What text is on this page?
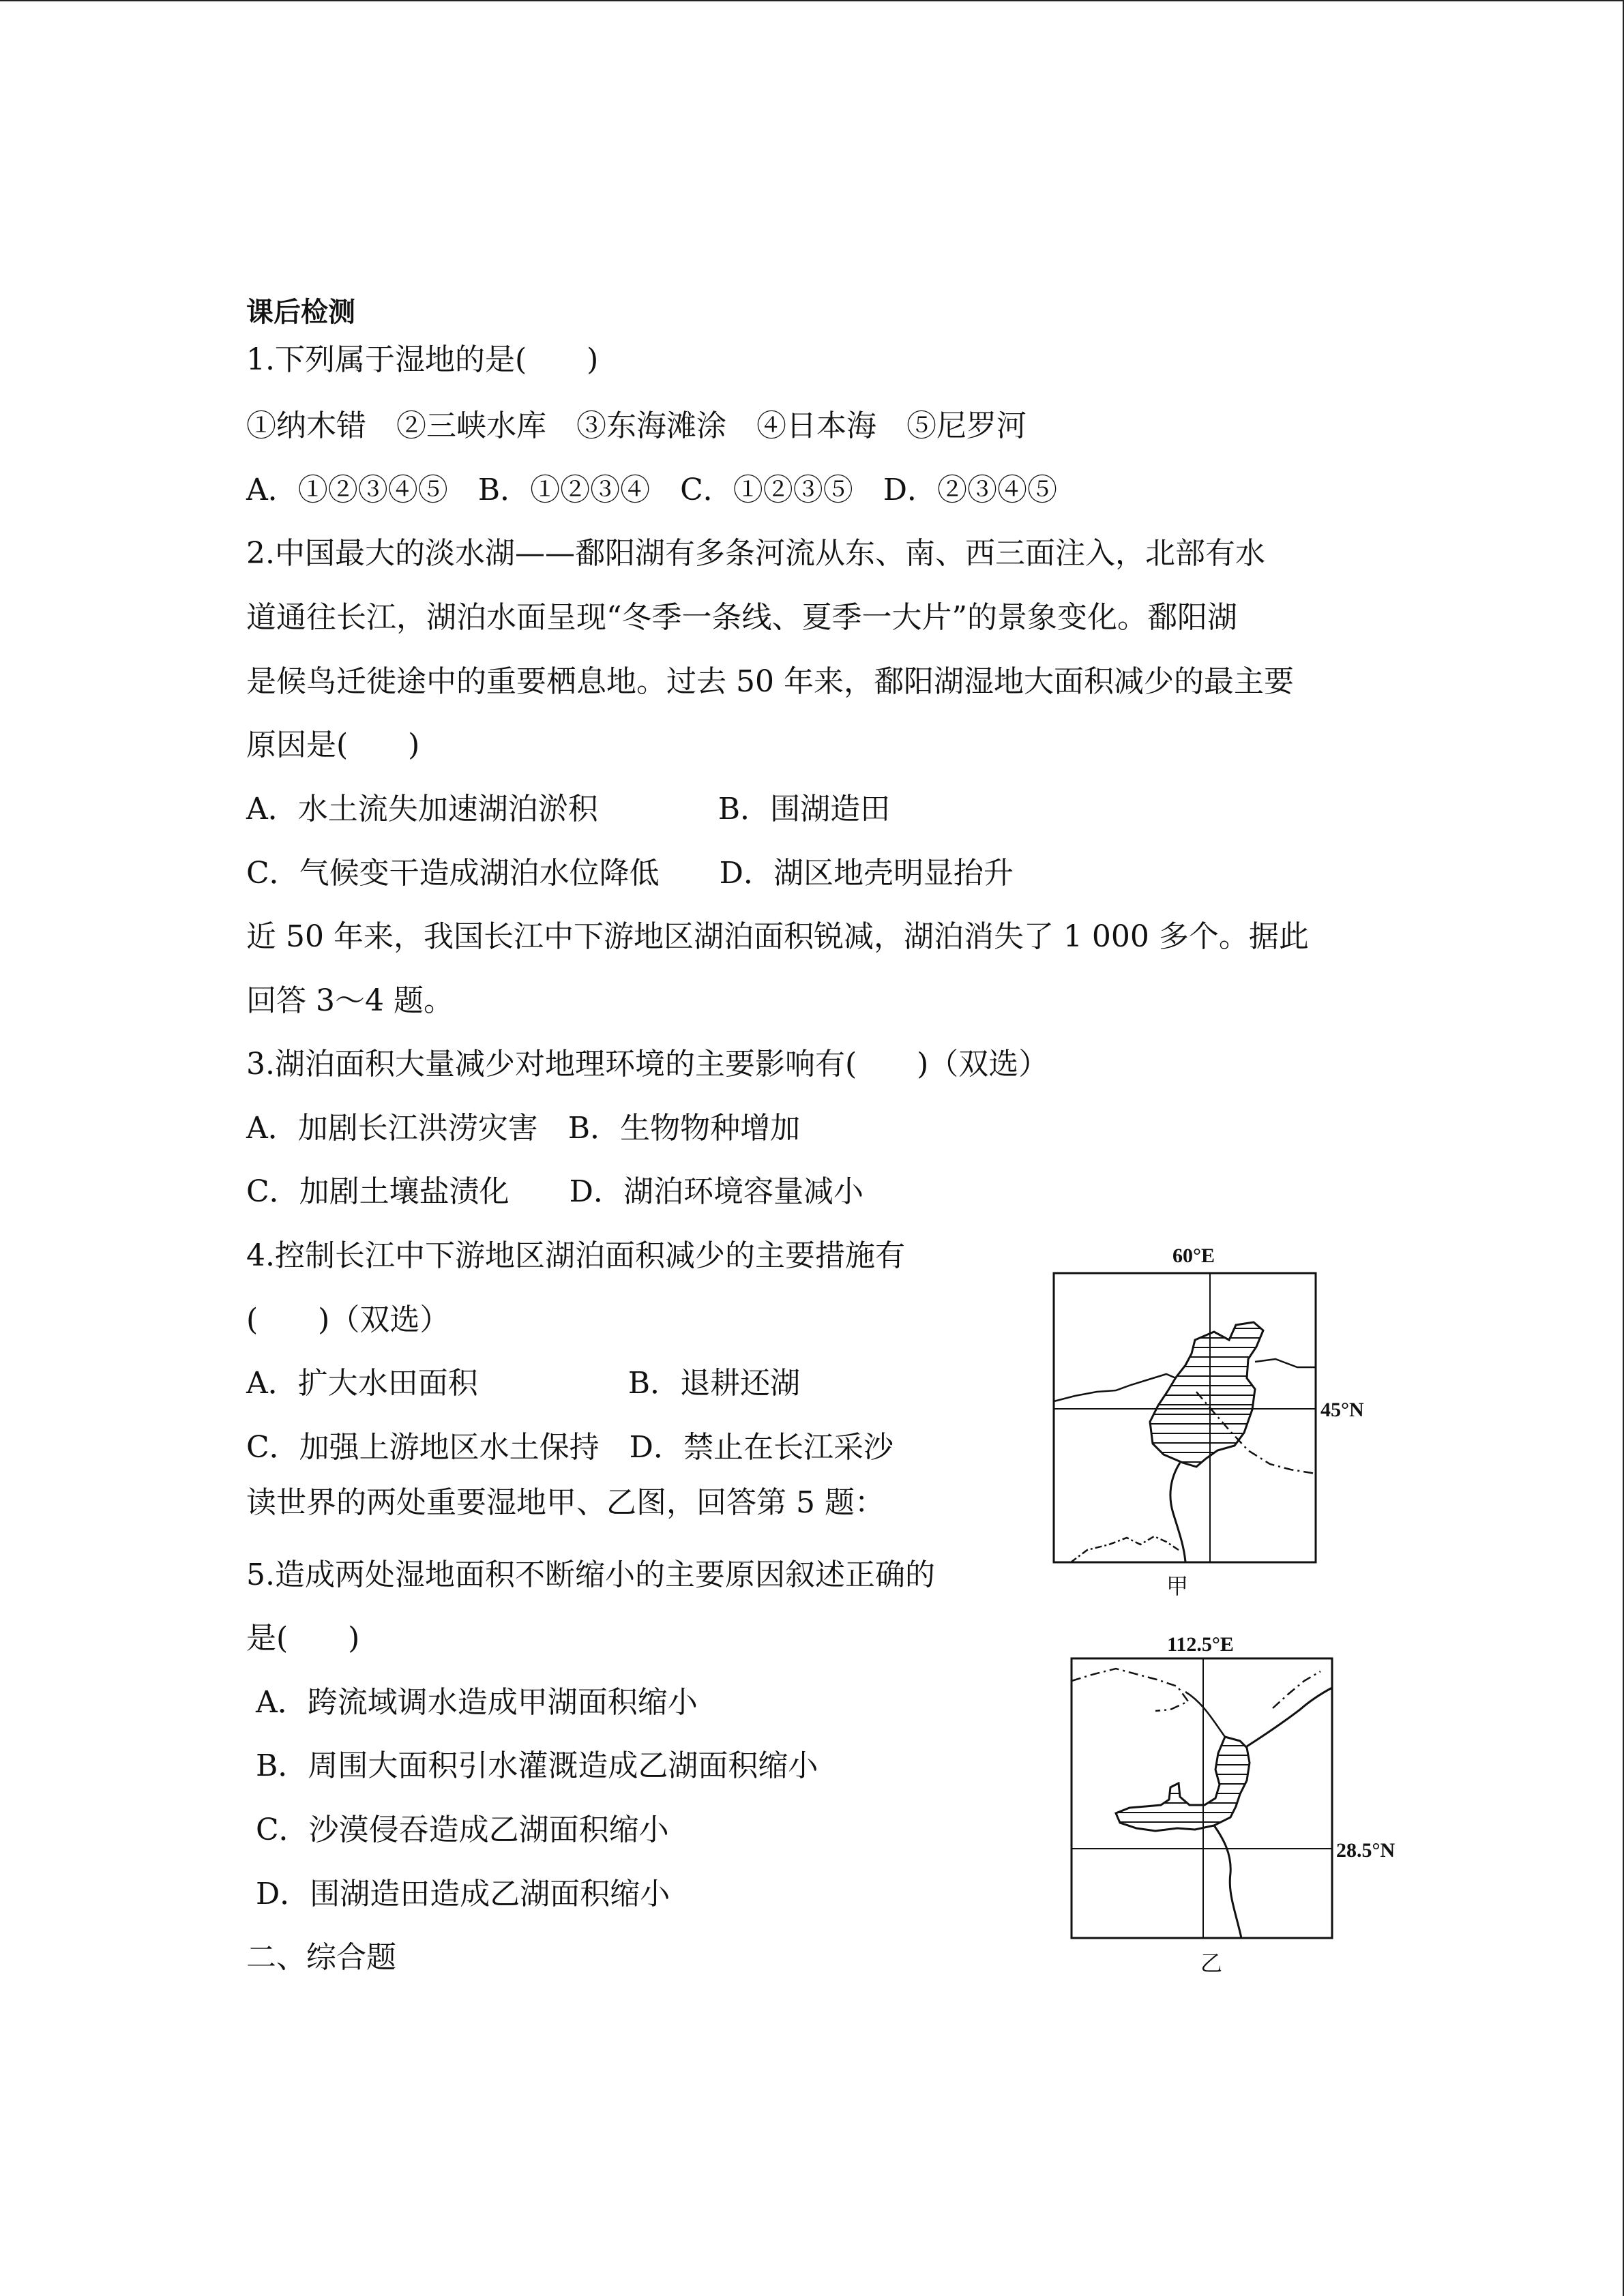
课后检测
1.下列属于湿地的是(　　)
①纳木错　②三峡水库　③东海滩涂　④日本海　⑤尼罗河
A．①②③④⑤　B．①②③④　C．①②③⑤　D．②③④⑤
2.中国最大的淡水湖——鄱阳湖有多条河流从东、南、西三面注入，北部有水
道通往长江，湖泊水面呈现“冬季一条线、夏季一大片”的景象变化。鄱阳湖
是候鸟迁徙途中的重要栖息地。过去 50 年来，鄱阳湖湿地大面积减少的最主要
原因是(　　)
A．水土流失加速湖泊淤积　　　　B．围湖造田
C．气候变干造成湖泊水位降低　　D．湖区地壳明显抬升
近 50 年来，我国长江中下游地区湖泊面积锐减，湖泊消失了 1 000 多个。据此
回答 3～4 题。
3.湖泊面积大量减少对地理环境的主要影响有(　　)（双选）
A．加剧长江洪涝灾害　B．生物物种增加
C．加剧土壤盐渍化　　D．湖泊环境容量减小
4.控制长江中下游地区湖泊面积减少的主要措施有
(　　)（双选）
A．扩大水田面积　　　　　B．退耕还湖
C．加强上游地区水土保持　D．禁止在长江采沙
读世界的两处重要湿地甲、乙图，回答第 5 题：
5.造成两处湿地面积不断缩小的主要原因叙述正确的
是(　　)
A．跨流域调水造成甲湖面积缩小
B．周围大面积引水灌溉造成乙湖面积缩小
C．沙漠侵吞造成乙湖面积缩小
D．围湖造田造成乙湖面积缩小
二、综合题
60°E
45°N
甲
112.5°E
28.5°N
乙
